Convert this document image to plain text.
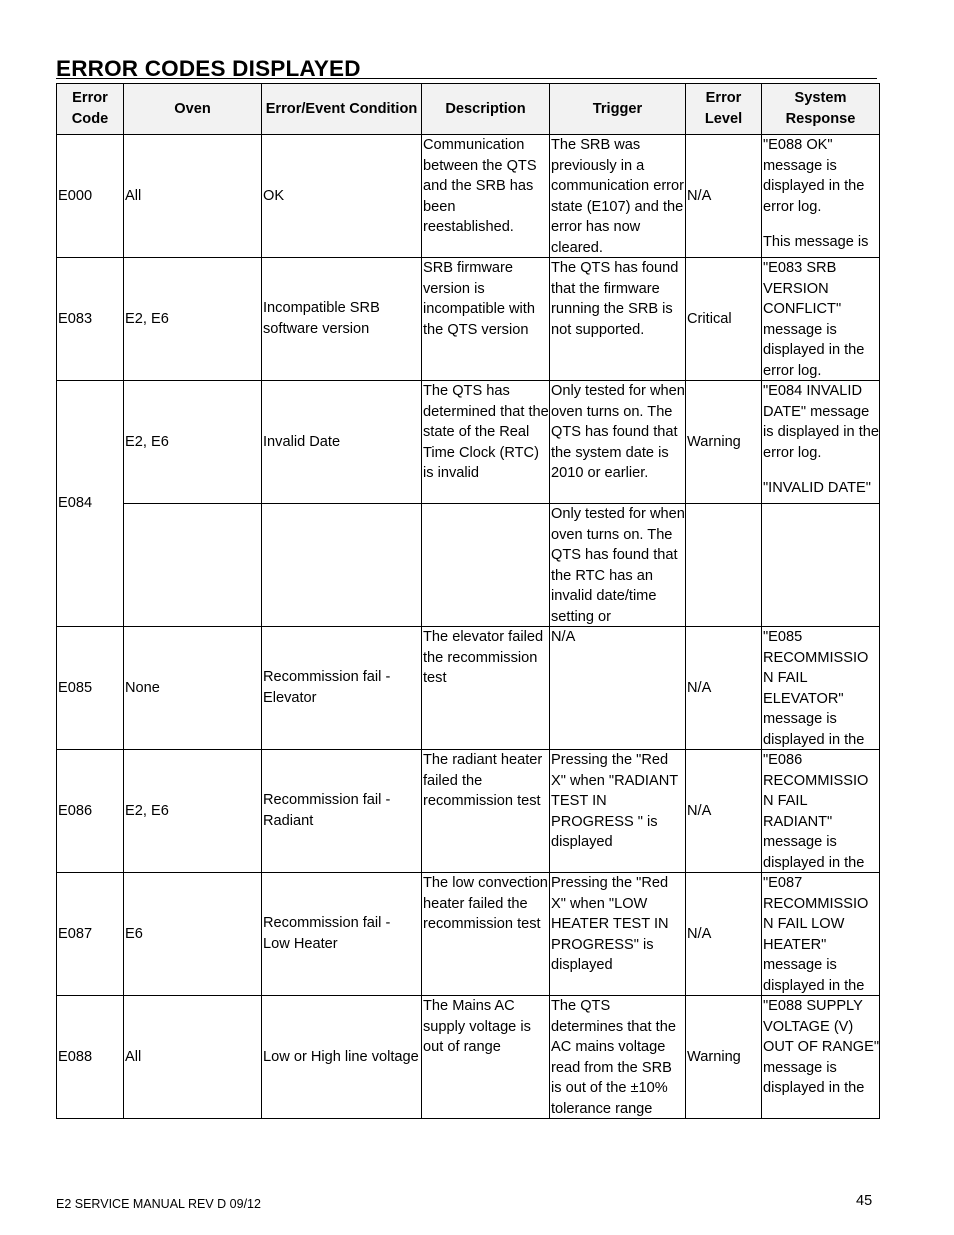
ERROR CODES DISPLAYED
Error Code	Oven	Error/Event Condition	Description	Trigger	Error Level	System Response
E000	All	OK	Communication between the QTS and the SRB has been reestablished.	The SRB was previously in a communication error state (E107) and the error has now cleared.	N/A	"E088 OK" message is displayed in the error log.
This message is

E083	E2, E6	Incompatible SRB software version	SRB firmware version is incompatible with the QTS version	The QTS has found that the firmware running the SRB is not supported.	Critical	"E083 SRB VERSION CONFLICT" message is displayed in the error log.

E084	E2, E6	Invalid Date	The QTS has determined that the state of the Real Time Clock (RTC) is invalid	Only tested for when oven turns on. The QTS has found that the system date is 2010 or earlier.	Warning	"E084 INVALID DATE" message is displayed in the error log.
"INVALID DATE"

				Only tested for when oven turns on. The QTS has found that the RTC has an invalid date/time setting or		

E085	None	Recommission fail - Elevator	The elevator failed the recommission test	N/A	N/A	"E085 RECOMMISSIO N FAIL ELEVATOR" message is displayed in the

E086	E2, E6	Recommission fail - Radiant	The radiant heater failed the recommission test	Pressing the "Red X" when "RADIANT TEST IN PROGRESS " is displayed	N/A	"E086 RECOMMISSIO N FAIL RADIANT" message is displayed in the

E087	E6	Recommission fail - Low Heater	The low convection heater failed the recommission test	Pressing the "Red X" when "LOW HEATER TEST IN PROGRESS" is displayed	N/A	"E087 RECOMMISSIO N FAIL LOW HEATER" message is displayed in the

E088	All	Low or High line voltage	The Mains AC supply voltage is out of range	The QTS determines that the AC mains voltage read from the SRB is out of the ±10% tolerance range	Warning	"E088 SUPPLY VOLTAGE (V) OUT OF RANGE" message is displayed in the
E2 SERVICE MANUAL REV D 09/12	45
